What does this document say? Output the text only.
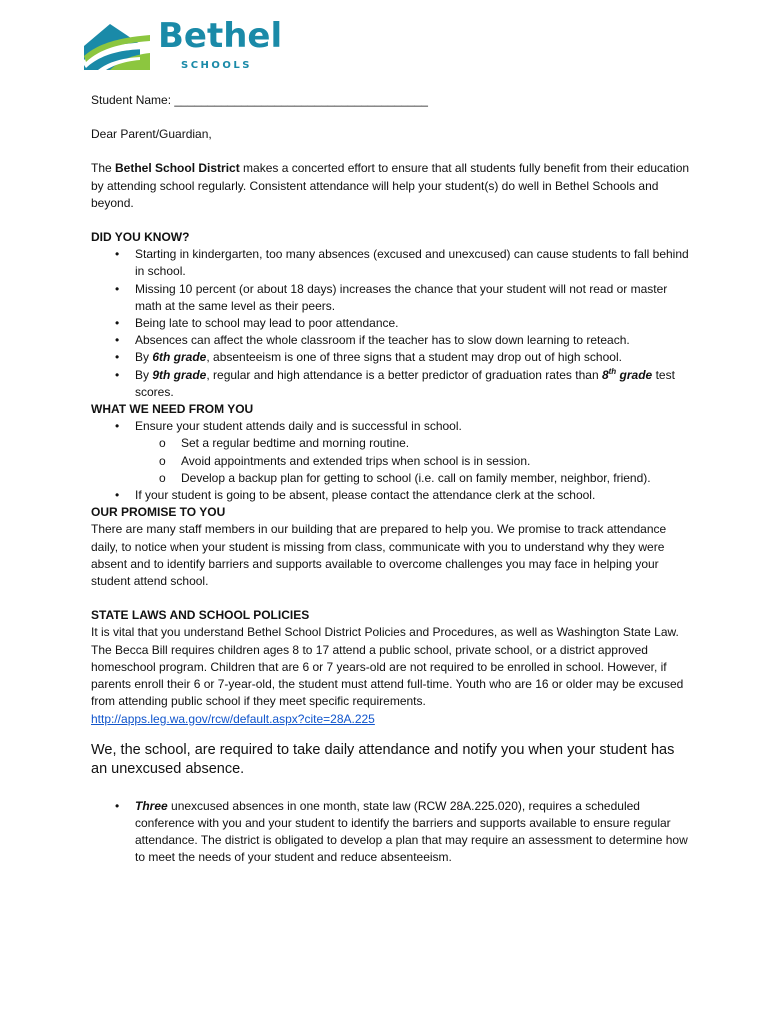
Bethel
SCHOOLS

Student Name: ______________________________________

Dear Parent/Guardian,

The Bethel School District makes a concerted effort to ensure that all students fully benefit from their education by attending school regularly. Consistent attendance will help your student(s) do well in Bethel Schools and beyond.

DID YOU KNOW?

• Starting in kindergarten, too many absences (excused and unexcused) can cause students to fall behind in school.
• Missing 10 percent (or about 18 days) increases the chance that your student will not read or master math at the same level as their peers.
• Being late to school may lead to poor attendance.
• Absences can affect the whole classroom if the teacher has to slow down learning to reteach.
• By 6th grade, absenteeism is one of three signs that a student may drop out of high school.
• By 9th grade, regular and high attendance is a better predictor of graduation rates than 8th grade test scores.

WHAT WE NEED FROM YOU

• Ensure your student attends daily and is successful in school.
o Set a regular bedtime and morning routine.
o Avoid appointments and extended trips when school is in session.
o Develop a backup plan for getting to school (i.e. call on family member, neighbor, friend).
• If your student is going to be absent, please contact the attendance clerk at the school.

OUR PROMISE TO YOU

There are many staff members in our building that are prepared to help you. We promise to track attendance daily, to notice when your student is missing from class, communicate with you to understand why they were absent and to identify barriers and supports available to overcome challenges you may face in helping your student attend school.

STATE LAWS AND SCHOOL POLICIES

It is vital that you understand Bethel School District Policies and Procedures, as well as Washington State Law. The Becca Bill requires children ages 8 to 17 attend a public school, private school, or a district approved homeschool program. Children that are 6 or 7 years-old are not required to be enrolled in school. However, if parents enroll their 6 or 7-year-old, the student must attend full-time. Youth who are 16 or older may be excused from attending public school if they meet specific requirements.

http://apps.leg.wa.gov/rcw/default.aspx?cite=28A.225

We, the school, are required to take daily attendance and notify you when your student has an unexcused absence.

• Three unexcused absences in one month, state law (RCW 28A.225.020), requires a scheduled conference with you and your student to identify the barriers and supports available to ensure regular attendance. The district is obligated to develop a plan that may require an assessment to determine how to meet the needs of your student and reduce absenteeism.
